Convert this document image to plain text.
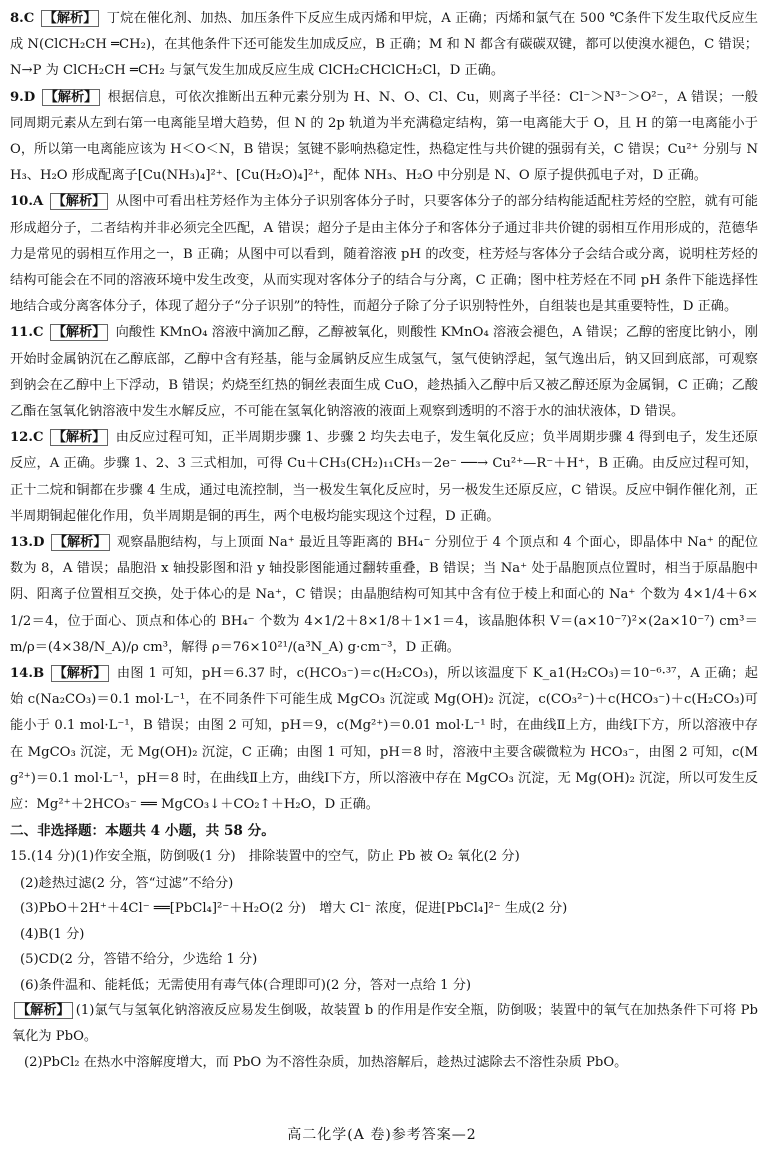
8.C 【解析】 丁烷在催化剂、加热、加压条件下反应生成丙烯和甲烷，A 正确；丙烯和氯气在 500 ℃条件下发生取代反应生成 N(ClCH₂CH ═CH₂)，在其他条件下还可能发生加成反应，B 正确；M 和 N 都含有碳碳双键，都可以使溴水褪色，C 错误；N→P 为 ClCH₂CH ═CH₂ 与氯气发生加成反应生成 ClCH₂CHClCH₂Cl，D 正确。

9.D 【解析】 根据信息，可依次推断出五种元素分别为 H、N、O、Cl、Cu，则离子半径：Cl⁻＞N³⁻＞O²⁻，A 错误；一般同周期元素从左到右第一电离能呈增大趋势，但 N 的 2p 轨道为半充满稳定结构，第一电离能大于 O，且 H 的第一电离能小于 O，所以第一电离能应该为 H＜O＜N，B 错误；氢键不影响热稳定性，热稳定性与共价键的强弱有关，C 错误；Cu²⁺ 分别与 NH₃、H₂O 形成配离子[Cu(NH₃)₄]²⁺、[Cu(H₂O)₄]²⁺，配体 NH₃、H₂O 中分别是 N、O 原子提供孤电子对，D 正确。

10.A 【解析】 从图中可看出柱芳烃作为主体分子识别客体分子时，只要客体分子的部分结构能适配柱芳烃的空腔，就有可能形成超分子，二者结构并非必须完全匹配，A 错误；超分子是由主体分子和客体分子通过非共价键的弱相互作用形成的，范德华力是常见的弱相互作用之一，B 正确；从图中可以看到，随着溶液 pH 的改变，柱芳烃与客体分子会结合或分离，说明柱芳烃的结构可能会在不同的溶液环境中发生改变，从而实现对客体分子的结合与分离，C 正确；图中柱芳烃在不同 pH 条件下能选择性地结合或分离客体分子，体现了超分子“分子识别”的特性，而超分子除了分子识别特性外，自组装也是其重要特性，D 正确。

11.C 【解析】 向酸性 KMnO₄ 溶液中滴加乙醇，乙醇被氧化，则酸性 KMnO₄ 溶液会褪色，A 错误；乙醇的密度比钠小，刚开始时金属钠沉在乙醇底部，乙醇中含有羟基，能与金属钠反应生成氢气，氢气使钠浮起，氢气逸出后，钠又回到底部，可观察到钠会在乙醇中上下浮动，B 错误；灼烧至红热的铜丝表面生成 CuO，趁热插入乙醇中后又被乙醇还原为金属铜，C 正确；乙酸乙酯在氢氧化钠溶液中发生水解反应，不可能在氢氧化钠溶液的液面上观察到透明的不溶于水的油状液体，D 错误。

12.C 【解析】 由反应过程可知，正半周期步骤 1、步骤 2 均失去电子，发生氧化反应；负半周期步骤 4 得到电子，发生还原反应，A 正确。步骤 1、2、3 三式相加，可得 Cu＋CH₃(CH₂)₁₁CH₃－2e⁻ ──→ Cu²⁺—R⁻＋H⁺，B 正确。由反应过程可知，正十二烷和铜都在步骤 4 生成，通过电流控制，当一极发生氧化反应时，另一极发生还原反应，C 错误。反应中铜作催化剂，正半周期铜起催化作用，负半周期是铜的再生，两个电极均能实现这个过程，D 正确。

13.D 【解析】 观察晶胞结构，与上顶面 Na⁺ 最近且等距离的 BH₄⁻ 分别位于 4 个顶点和 4 个面心，即晶体中 Na⁺ 的配位数为 8，A 错误；晶胞沿 x 轴投影图和沿 y 轴投影图能通过翻转重叠，B 错误；当 Na⁺ 处于晶胞顶点位置时，相当于原晶胞中阴、阳离子位置相互交换，处于体心的是 Na⁺，C 错误；由晶胞结构可知其中含有位于棱上和面心的 Na⁺ 个数为 4×1/4＋6×1/2＝4，位于面心、顶点和体心的 BH₄⁻ 个数为 4×1/2＋8×1/8＋1×1＝4，该晶胞体积 V＝(a×10⁻⁷)²×(2a×10⁻⁷) cm³＝m/ρ＝(4×38/N_A)/ρ cm³，解得 ρ＝76×10²¹/(a³N_A) g·cm⁻³，D 正确。

14.B 【解析】 由图 1 可知，pH＝6.37 时，c(HCO₃⁻)＝c(H₂CO₃)，所以该温度下 K_a1(H₂CO₃)＝10⁻⁶·³⁷，A 正确；起始 c(Na₂CO₃)＝0.1 mol·L⁻¹，在不同条件下可能生成 MgCO₃ 沉淀或 Mg(OH)₂ 沉淀，c(CO₃²⁻)＋c(HCO₃⁻)＋c(H₂CO₃)可能小于 0.1 mol·L⁻¹，B 错误；由图 2 可知，pH＝9，c(Mg²⁺)＝0.01 mol·L⁻¹ 时，在曲线Ⅱ上方，曲线Ⅰ下方，所以溶液中存在 MgCO₃ 沉淀，无 Mg(OH)₂ 沉淀，C 正确；由图 1 可知，pH＝8 时，溶液中主要含碳微粒为 HCO₃⁻，由图 2 可知，c(Mg²⁺)＝0.1 mol·L⁻¹，pH＝8 时，在曲线Ⅱ上方，曲线Ⅰ下方，所以溶液中存在 MgCO₃ 沉淀，无 Mg(OH)₂ 沉淀，所以可发生反应：Mg²⁺＋2HCO₃⁻ ══ MgCO₃↓＋CO₂↑＋H₂O，D 正确。

二、非选择题：本题共 4 小题，共 58 分。

15.(14 分)(1)作安全瓶，防倒吸(1 分)　排除装置中的空气，防止 Pb 被 O₂ 氧化(2 分)

(2)趁热过滤(2 分，答“过滤”不给分)

(3)PbO＋2H⁺＋4Cl⁻ ══[PbCl₄]²⁻＋H₂O(2 分)　增大 Cl⁻ 浓度，促进[PbCl₄]²⁻ 生成(2 分)

(4)B(1 分)

(5)CD(2 分，答错不给分，少选给 1 分)

(6)条件温和、能耗低；无需使用有毒气体(合理即可)(2 分，答对一点给 1 分)

【解析】 (1)氯气与氢氧化钠溶液反应易发生倒吸，故装置 b 的作用是作安全瓶，防倒吸；装置中的氧气在加热条件下可将 Pb 氧化为 PbO。

(2)PbCl₂ 在热水中溶解度增大，而 PbO 为不溶性杂质，加热溶解后，趁热过滤除去不溶性杂质 PbO。

高二化学(A 卷)参考答案—2
